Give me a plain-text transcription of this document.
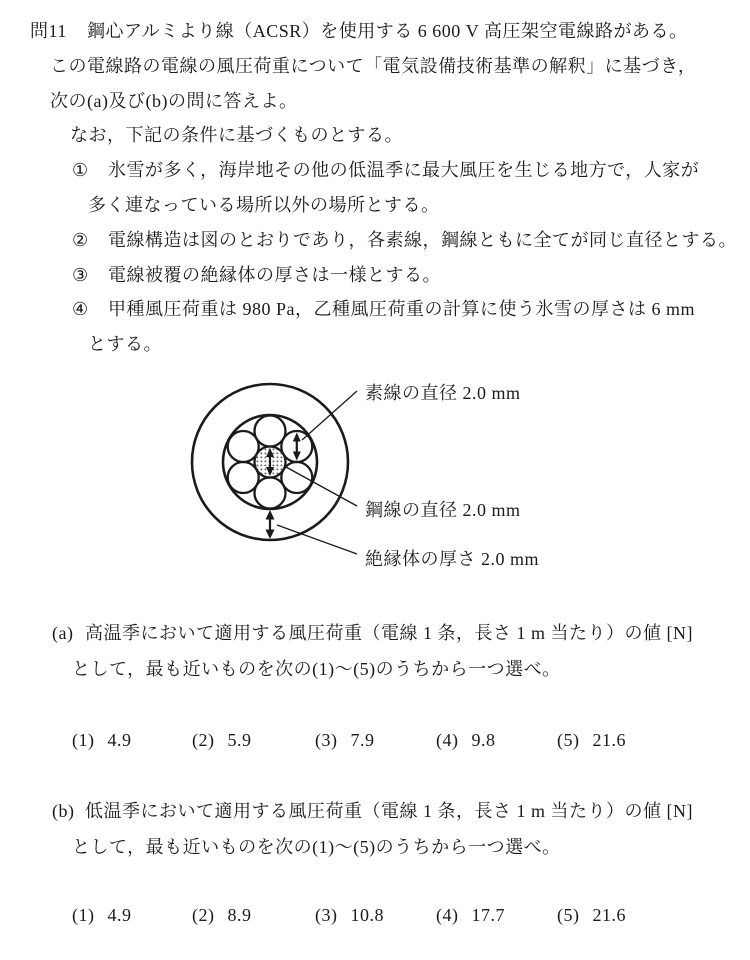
問11 鋼心アルミより線（ACSR）を使用する 6 600 V 高圧架空電線路がある。
この電線路の電線の風圧荷重について「電気設備技術基準の解釈」に基づき，
次の(a)及び(b)の問に答えよ。
なお，下記の条件に基づくものとする。
① 氷雪が多く，海岸地その他の低温季に最大風圧を生じる地方で，人家が
多く連なっている場所以外の場所とする。
② 電線構造は図のとおりであり，各素線，鋼線ともに全てが同じ直径とする。
③ 電線被覆の絶縁体の厚さは一様とする。
④ 甲種風圧荷重は 980 Pa，乙種風圧荷重の計算に使う氷雪の厚さは 6 mm
とする。
素線の直径 2.0 mm
鋼線の直径 2.0 mm
絶縁体の厚さ 2.0 mm
(a) 高温季において適用する風圧荷重（電線 1 条，長さ 1 m 当たり）の値 [N]
として，最も近いものを次の(1)～(5)のうちから一つ選べ。
(1) 4.9	(2) 5.9	(3) 7.9	(4) 9.8	(5) 21.6
(b) 低温季において適用する風圧荷重（電線 1 条，長さ 1 m 当たり）の値 [N]
として，最も近いものを次の(1)～(5)のうちから一つ選べ。
(1) 4.9	(2) 8.9	(3) 10.8	(4) 17.7	(5) 21.6
